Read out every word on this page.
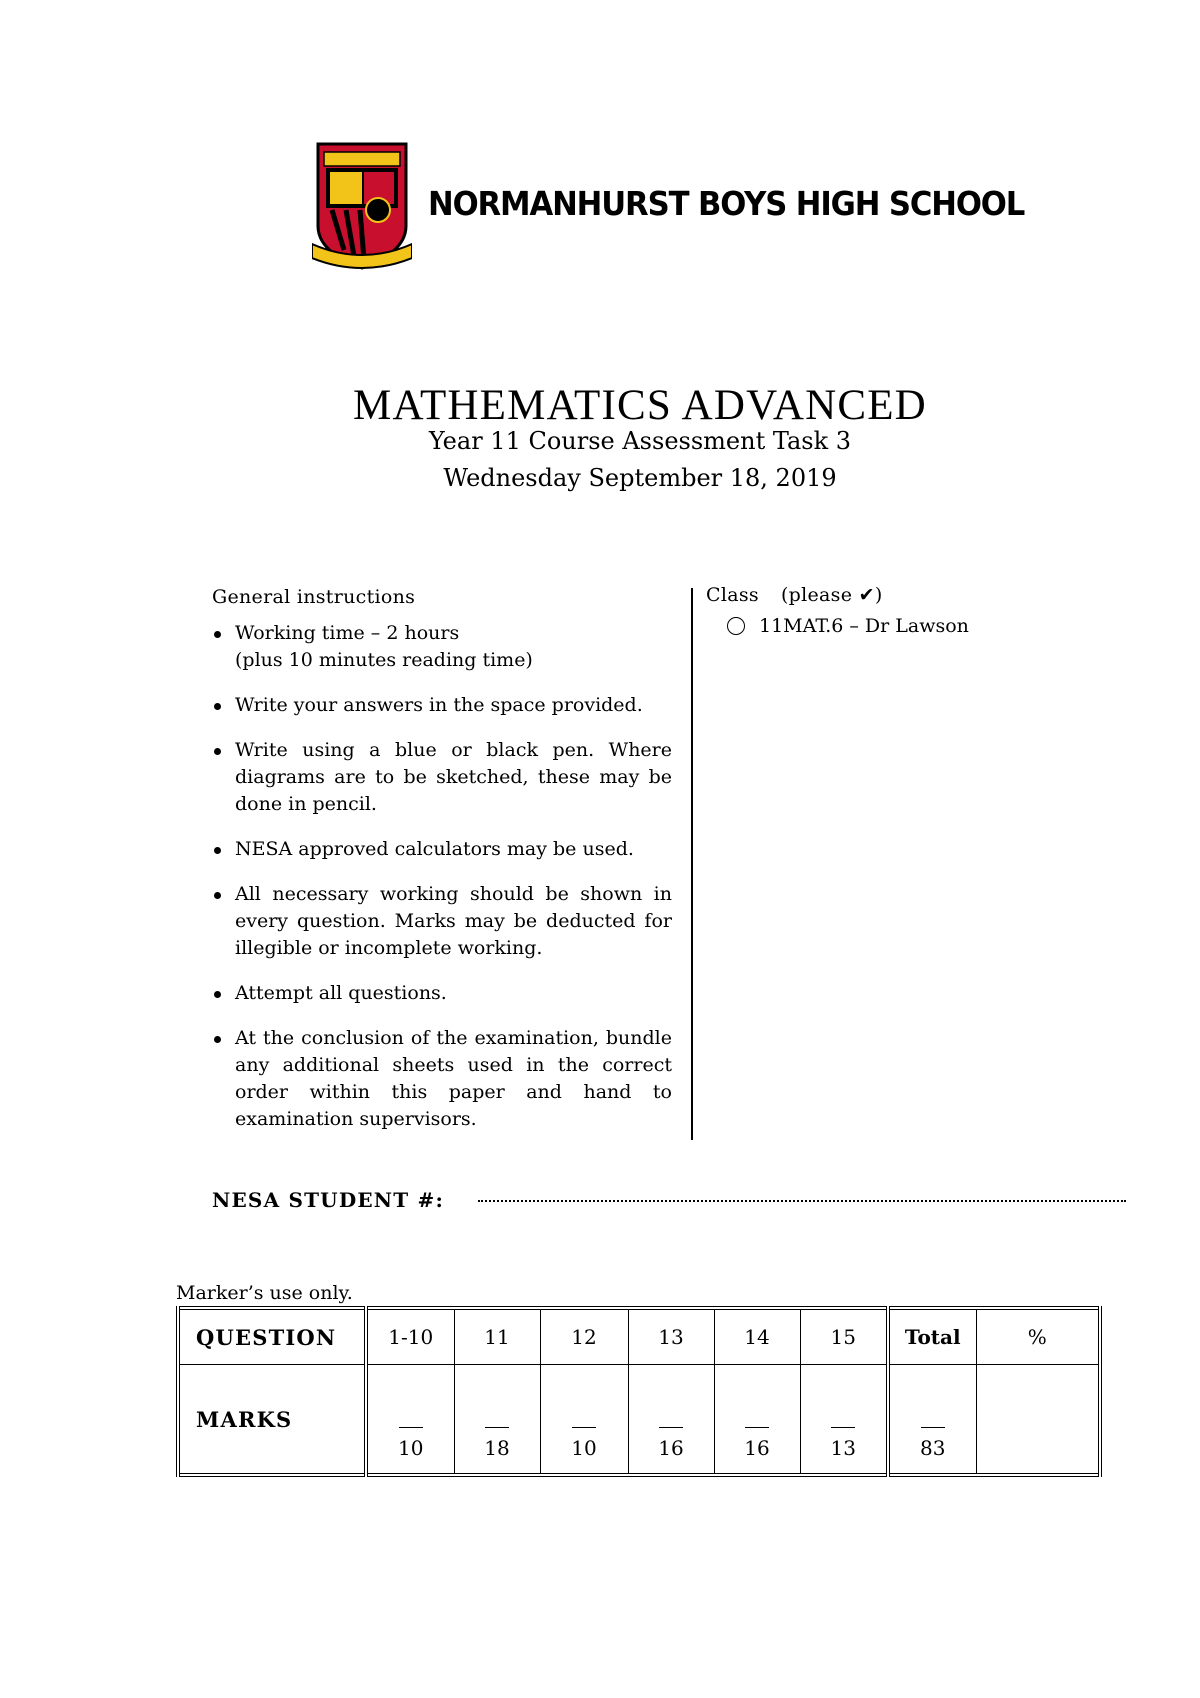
NORMANHURST BOYS HIGH SCHOOL
MATHEMATICS ADVANCED
Year 11 Course Assessment Task 3
Wednesday September 18, 2019
General instructions
Working time – 2 hours
(plus 10 minutes reading time)
Write your answers in the space provided.
Write using a blue or black pen. Where diagrams are to be sketched, these may be done in pencil.
NESA approved calculators may be used.
All necessary working should be shown in every question. Marks may be deducted for illegible or incomplete working.
Attempt all questions.
At the conclusion of the examination, bundle any additional sheets used in the correct order within this paper and hand to examination supervisors.
Class (please ✔)
11MAT.6 – Dr Lawson
NESA STUDENT #:
Marker’s use only.
QUESTION	1-10	11	12	13	14	15	Total	%
MARKS	10	18	10	16	16	13	83	
